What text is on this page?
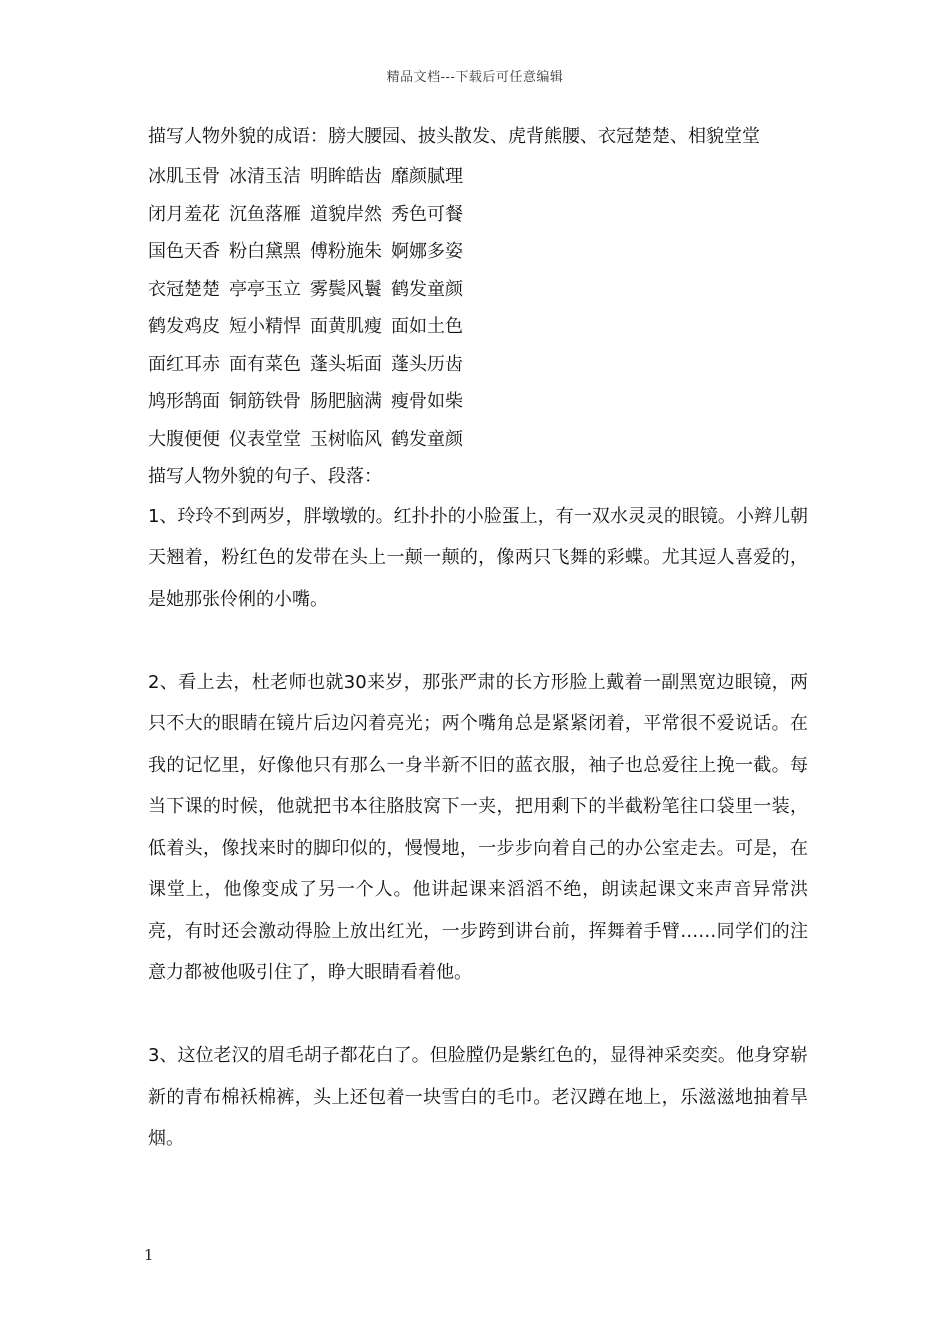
精品文档---下载后可任意编辑

描写人物外貌的成语：膀大腰园、披头散发、虎背熊腰、衣冠楚楚、相貌堂堂

冰肌玉骨 冰清玉洁 明眸皓齿 靡颜腻理

闭月羞花 沉鱼落雁 道貌岸然 秀色可餐

国色天香 粉白黛黑 傅粉施朱 婀娜多姿

衣冠楚楚 亭亭玉立 雾鬓风鬟 鹤发童颜

鹤发鸡皮 短小精悍 面黄肌瘦 面如土色

面红耳赤 面有菜色 蓬头垢面 蓬头历齿

鸠形鹄面 铜筋铁骨 肠肥脑满 瘦骨如柴

大腹便便 仪表堂堂 玉树临风 鹤发童颜

描写人物外貌的句子、段落：

1、玲玲不到两岁，胖墩墩的。红扑扑的小脸蛋上，有一双水灵灵的眼镜。小辫儿朝天翘着，粉红色的发带在头上一颠一颠的，像两只飞舞的彩蝶。尤其逗人喜爱的，是她那张伶俐的小嘴。

2、看上去，杜老师也就30来岁，那张严肃的长方形脸上戴着一副黑宽边眼镜，两只不大的眼睛在镜片后边闪着亮光；两个嘴角总是紧紧闭着，平常很不爱说话。在我的记忆里，好像他只有那么一身半新不旧的蓝衣服，袖子也总爱往上挽一截。每当下课的时候，他就把书本往胳肢窝下一夹，把用剩下的半截粉笔往口袋里一装，低着头，像找来时的脚印似的，慢慢地，一步步向着自己的办公室走去。可是，在课堂上，他像变成了另一个人。他讲起课来滔滔不绝，朗读起课文来声音异常洪亮，有时还会激动得脸上放出红光，一步跨到讲台前，挥舞着手臂……同学们的注意力都被他吸引住了，睁大眼睛看着他。

3、这位老汉的眉毛胡子都花白了。但脸膛仍是紫红色的，显得神采奕奕。他身穿崭新的青布棉袄棉裤，头上还包着一块雪白的毛巾。老汉蹲在地上，乐滋滋地抽着旱烟。

1
